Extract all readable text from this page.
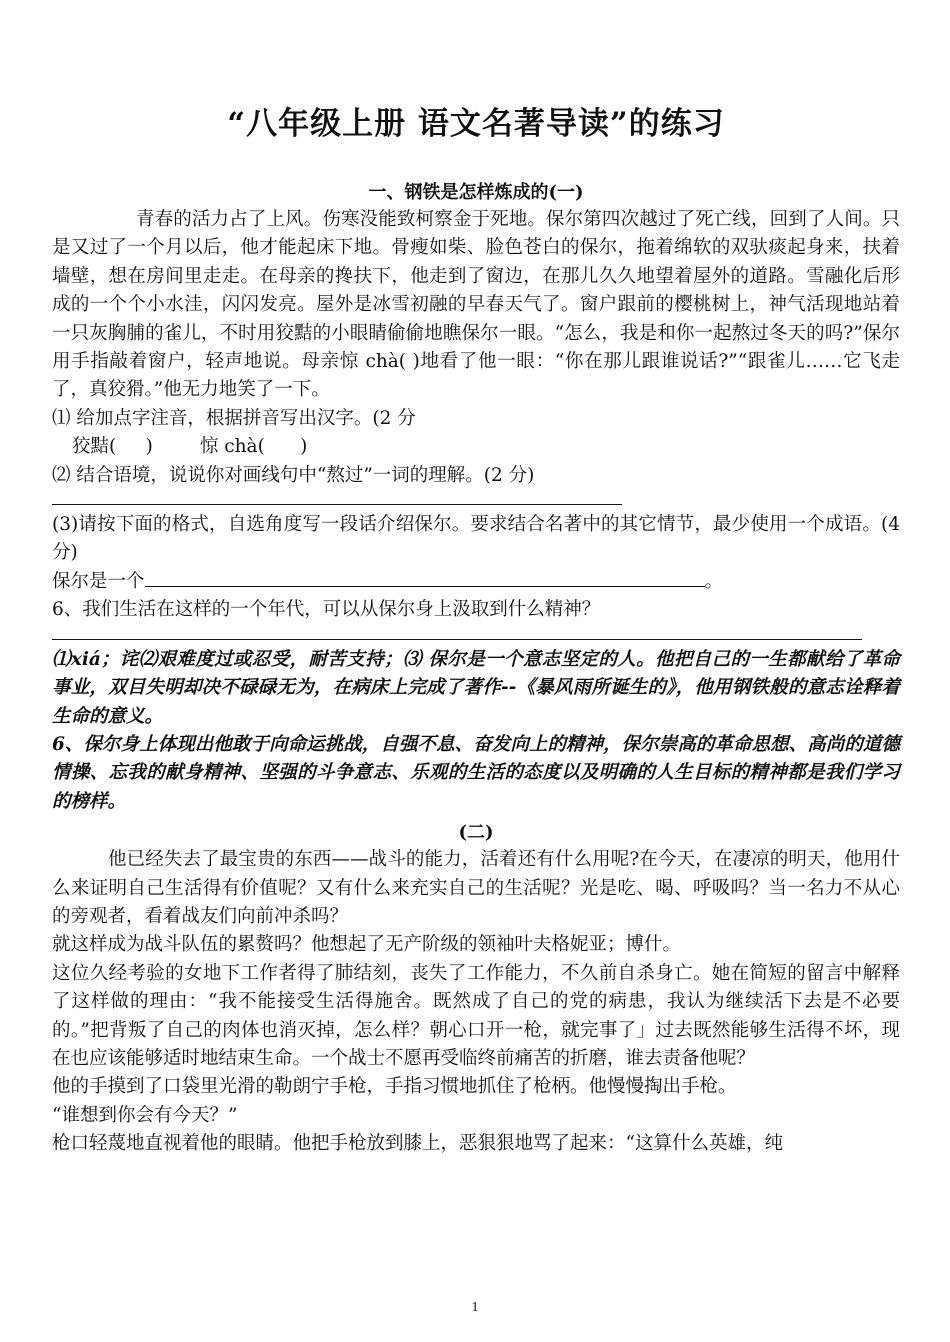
“八年级上册 语文名著导读”的练习
一、钢铁是怎样炼成的(一)

青春的活力占了上风。伤寒没能致柯察金于死地。保尔第四次越过了死亡线，回到了人间。只是又过了一个月以后，他才能起床下地。骨瘦如柴、脸色苍白的保尔，拖着绵软的双驮痰起身来，扶着墙壁，想在房间里走走。在母亲的搀扶下，他走到了窗边，在那儿久久地望着屋外的道路。雪融化后形成的一个个小水洼，闪闪发亮。屋外是冰雪初融的早春天气了。窗户跟前的樱桃树上，神气活现地站着一只灰胸脯的雀儿，不时用狡黠的小眼睛偷偷地瞧保尔一眼。“怎么，我是和你一起熬过冬天的吗?”保尔用手指敲着窗户，轻声地说。母亲惊 chà( )地看了他一眼：“你在那儿跟谁说话?”“跟雀儿……它飞走了，真狡猾。”他无力地笑了一下。

⑴ 给加点字注音，根据拼音写出汉字。(2 分

狡黠(     )        惊 chà(      )

⑵ 结合语境，说说你对画线句中“熬过”一词的理解。(2 分)

(3)请按下面的格式，自选角度写一段话介绍保尔。要求结合名著中的其它情节，最少使用一个成语。(4 分)

保尔是一个	。

6、我们生活在这样的一个年代，可以从保尔身上汲取到什么精神？

⑴xiá；诧⑵艰难度过或忍受，耐苦支持；⑶ 保尔是一个意志坚定的人。他把自己的一生都献给了革命事业，双目失明却决不碌碌无为，在病床上完成了著作--《暴风雨所诞生的》，他用钢铁般的意志诠释着生命的意义。

6、保尔身上体现出他敢于向命运挑战，自强不息、奋发向上的精神，保尔崇高的革命思想、高尚的道德情操、忘我的献身精神、坚强的斗争意志、乐观的生活的态度以及明确的人生目标的精神都是我们学习的榜样。

(二)

他已经失去了最宝贵的东西——战斗的能力，活着还有什么用呢?在今天，在凄凉的明天，他用什么来证明自己生活得有价值呢？又有什么来充实自己的生活呢？光是吃、喝、呼吸吗？当一名力不从心的旁观者，看着战友们向前冲杀吗？

就这样成为战斗队伍的累赘吗？他想起了无产阶级的领袖叶夫格妮亚；博什。

这位久经考验的女地下工作者得了肺结刻，丧失了工作能力，不久前自杀身亡。她在简短的留言中解释了这样做的理由：“我不能接受生活得施舍。既然成了自己的党的病患，我认为继续活下去是不必要的。”把背叛了自己的肉体也消灭掉，怎么样？朝心口开一枪，就完事了」过去既然能够生活得不坏，现在也应该能够适时地结束生命。一个战士不愿再受临终前痛苦的折磨，谁去责备他呢？

他的手摸到了口袋里光滑的勒朗宁手枪，手指习惯地抓住了枪柄。他慢慢掏出手枪。

“谁想到你会有今天？”

枪口轻蔑地直视着他的眼睛。他把手枪放到膝上，恶狠狠地骂了起来：“这算什么英雄，纯

1
